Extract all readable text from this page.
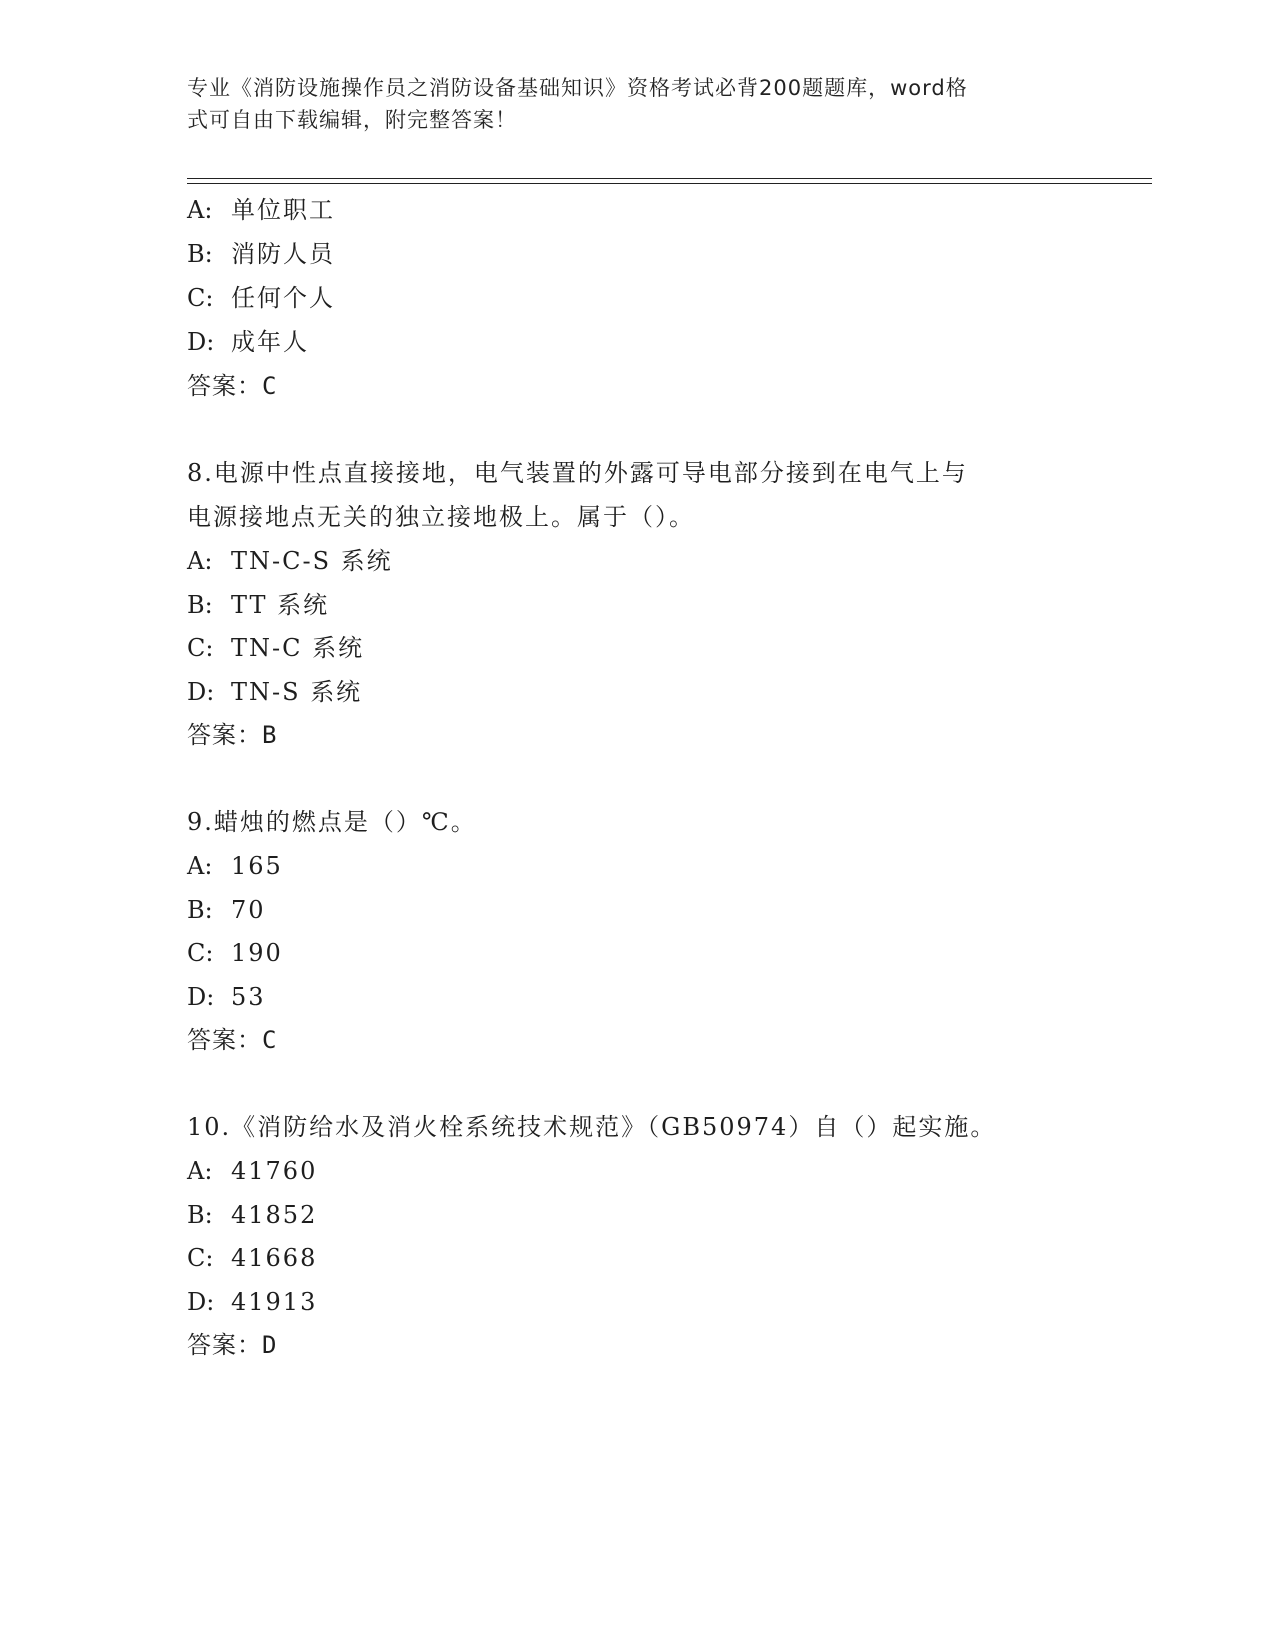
专业《消防设施操作员之消防设备基础知识》资格考试必背200题题库，word格
式可自由下载编辑，附完整答案！
A: 单位职工
B: 消防人员
C: 任何个人
D: 成年人
答案：C
8.电源中性点直接接地，电气装置的外露可导电部分接到在电气上与
电源接地点无关的独立接地极上。属于（）。
A: TN-C-S 系统
B: TT 系统
C: TN-C 系统
D: TN-S 系统
答案：B
9.蜡烛的燃点是（）℃。
A: 165
B: 70
C: 190
D: 53
答案：C
10.《消防给水及消火栓系统技术规范》（GB50974）自（）起实施。
A: 41760
B: 41852
C: 41668
D: 41913
答案：D
